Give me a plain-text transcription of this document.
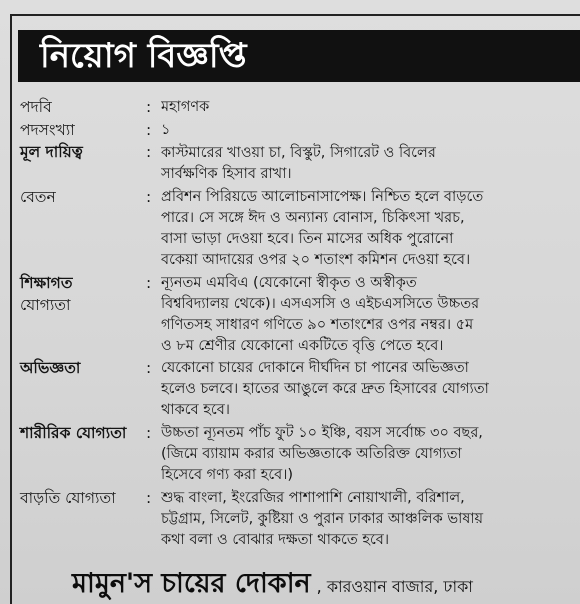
নিয়োগ বিজ্ঞপ্তি
পদবি	: মহাগণক
পদসংখ্যা	: ১
মূল দায়িত্ব	: কাস্টমারের খাওয়া চা, বিস্কুট, সিগারেট ও বিলের
সার্বক্ষণিক হিসাব রাখা।
বেতন	: প্রবিশন পিরিয়ডে আলোচনাসাপেক্ষ। নিশ্চিত হলে বাড়তে
পারে। সে সঙ্গে ঈদ ও অন্যান্য বোনাস, চিকিৎসা খরচ,
বাসা ভাড়া দেওয়া হবে। তিন মাসের অধিক পুরোনো
বকেয়া আদায়ের ওপর ২০ শতাংশ কমিশন দেওয়া হবে।
শিক্ষাগত
যোগ্যতা
: ন্যূনতম এমবিএ (যেকোনো স্বীকৃত ও অস্বীকৃত
বিশ্ববিদ্যালয় থেকে)। এসএসসি ও এইচএসসিতে উচ্চতর
গণিতসহ সাধারণ গণিতে ৯০ শতাংশের ওপর নম্বর। ৫ম
ও ৮ম শ্রেণীর যেকোনো একটিতে বৃত্তি পেতে হবে।
অভিজ্ঞতা	: যেকোনো চায়ের দোকানে দীর্ঘদিন চা পানের অভিজ্ঞতা
হলেও চলবে। হাতের আঙুলে করে দ্রুত হিসাবের যোগ্যতা
থাকবে হবে।
শারীরিক যোগ্যতা : উচ্চতা ন্যূনতম পাঁচ ফুট ১০ ইঞ্চি, বয়স সর্বোচ্চ ৩০ বছর,
(জিমে ব্যায়াম করার অভিজ্ঞতাকে অতিরিক্ত যোগ্যতা
হিসেবে গণ্য করা হবে।)
বাড়তি যোগ্যতা : শুদ্ধ বাংলা, ইংরেজির পাশাপাশি নোয়াখালী, বরিশাল,
চট্টগ্রাম, সিলেট, কুষ্টিয়া ও পুরান ঢাকার আঞ্চলিক ভাষায়
কথা বলা ও বোঝার দক্ষতা থাকতে হবে।
মামুন'স চায়ের দোকান , কারওয়ান বাজার, ঢাকা
